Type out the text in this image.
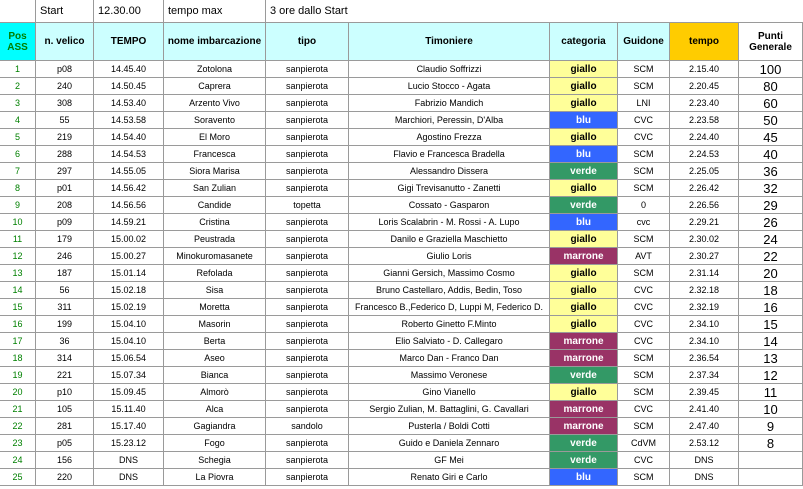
Start	12.30.00	tempo max	3 ore dallo Start
Pos ASS	n. velico	TEMPO	nome imbarcazione	tipo	Timoniere	categoria	Guidone	tempo	Punti Generale
1	p08	14.45.40	Zotolona	sanpierota	Claudio Soffrizzi	giallo	SCM	2.15.40	100
2	240	14.50.45	Caprera	sanpierota	Lucio Stocco - Agata	giallo	SCM	2.20.45	80
3	308	14.53.40	Arzento Vivo	sanpierota	Fabrizio Mandich	giallo	LNI	2.23.40	60
4	55	14.53.58	Soravento	sanpierota	Marchiori, Peressin, D'Alba	blu	CVC	2.23.58	50
5	219	14.54.40	El Moro	sanpierota	Agostino Frezza	giallo	CVC	2.24.40	45
6	288	14.54.53	Francesca	sanpierota	Flavio e Francesca Bradella	blu	SCM	2.24.53	40
7	297	14.55.05	Siora Marisa	sanpierota	Alessandro Dissera	verde	SCM	2.25.05	36
8	p01	14.56.42	San Zulian	sanpierota	Gigi Trevisanutto - Zanetti	giallo	SCM	2.26.42	32
9	208	14.56.56	Candide	topetta	Cossato - Gasparon	verde	0	2.26.56	29
10	p09	14.59.21	Cristina	sanpierota	Loris Scalabrin - M. Rossi - A. Lupo	blu	cvc	2.29.21	26
11	179	15.00.02	Peustrada	sanpierota	Danilo e Graziella Maschietto	giallo	SCM	2.30.02	24
12	246	15.00.27	Minokuromasanete	sanpierota	Giulio Loris	marrone	AVT	2.30.27	22
13	187	15.01.14	Refolada	sanpierota	Gianni Gersich, Massimo Cosmo	giallo	SCM	2.31.14	20
14	56	15.02.18	Sisa	sanpierota	Bruno Castellaro, Addis, Bedin, Toso	giallo	CVC	2.32.18	18
15	311	15.02.19	Moretta	sanpierota	Francesco B.,Federico D, Luppi M, Federico D.	giallo	CVC	2.32.19	16
16	199	15.04.10	Masorin	sanpierota	Roberto Ginetto F.Minto	giallo	CVC	2.34.10	15
17	36	15.04.10	Berta	sanpierota	Elio Salviato - D. Callegaro	marrone	CVC	2.34.10	14
18	314	15.06.54	Aseo	sanpierota	Marco Dan - Franco Dan	marrone	SCM	2.36.54	13
19	221	15.07.34	Bianca	sanpierota	Massimo Veronese	verde	SCM	2.37.34	12
20	p10	15.09.45	Almorò	sanpierota	Gino Vianello	giallo	SCM	2.39.45	11
21	105	15.11.40	Alca	sanpierota	Sergio Zulian, M. Battaglini, G. Cavallari	marrone	CVC	2.41.40	10
22	281	15.17.40	Gagiandra	sandolo	Pusterla / Boldi Cotti	marrone	SCM	2.47.40	9
23	p05	15.23.12	Fogo	sanpierota	Guido e Daniela Zennaro	verde	CdVM	2.53.12	8
24	156	DNS	Schegia	sanpierota	GF Mei	verde	CVC	DNS
25	220	DNS	La Piovra	sanpierota	Renato Giri e Carlo	blu	SCM	DNS
